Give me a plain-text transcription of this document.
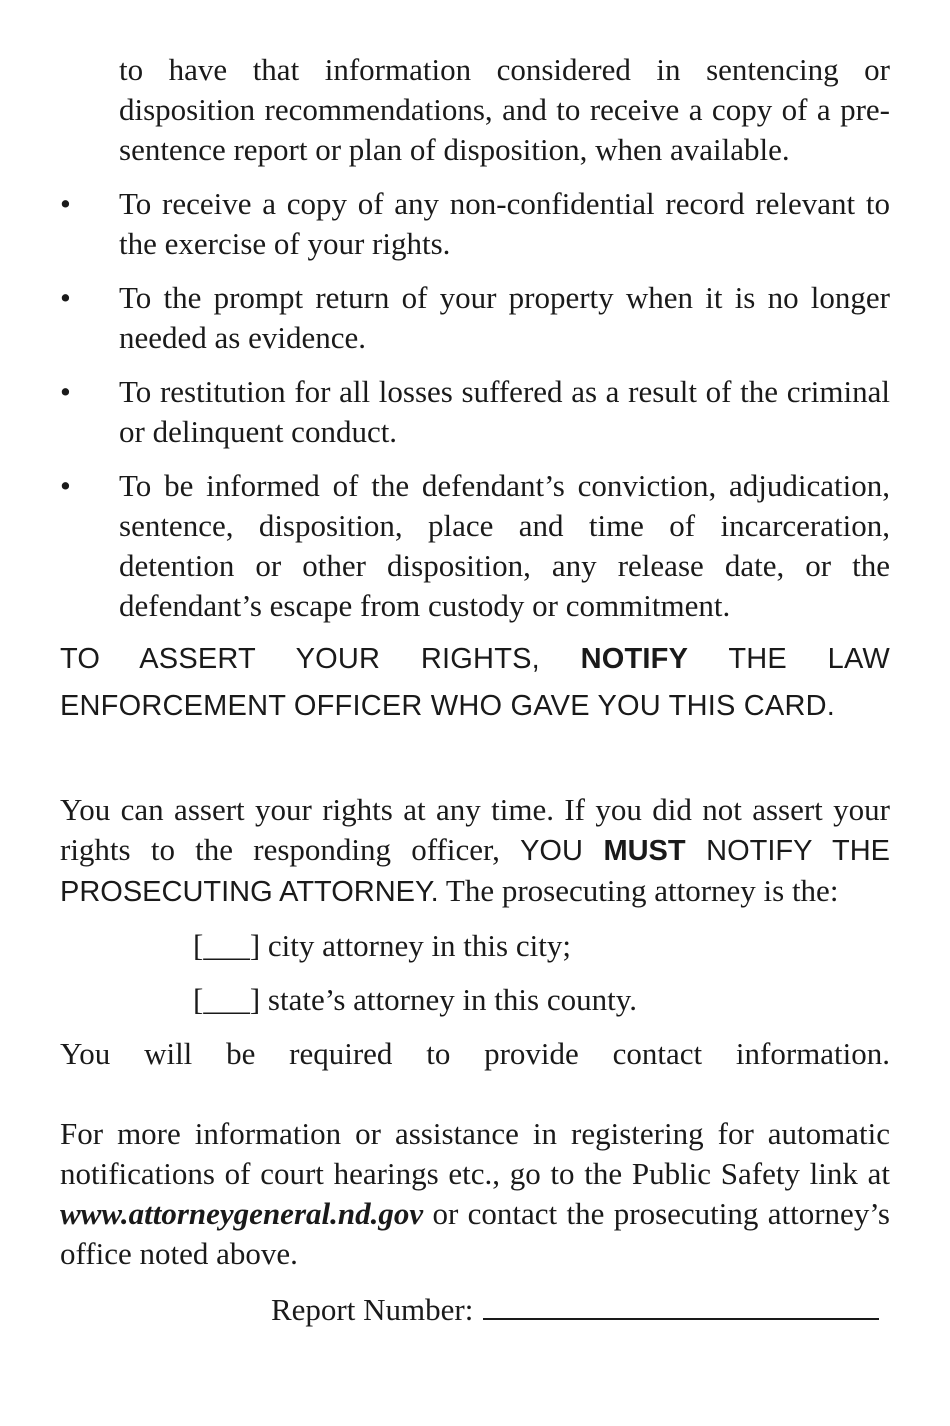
to have that information considered in sentencing or disposition recommendations, and to receive a copy of a pre-sentence report or plan of disposition, when available.
•	To receive a copy of any non-confidential record relevant to the exercise of your rights.
•	To the prompt return of your property when it is no longer needed as evidence.
•	To restitution for all losses suffered as a result of the criminal or delinquent conduct.
•	To be informed of the defendant’s conviction, adjudication, sentence, disposition, place and time of incarceration, detention or other disposition, any release date, or the defendant’s escape from custody or commitment.
TO ASSERT YOUR RIGHTS, NOTIFY THE LAW
ENFORCEMENT OFFICER WHO GAVE YOU THIS CARD.
You can assert your rights at any time. If you did not assert your rights to the responding officer, YOU MUST NOTIFY THE PROSECUTING ATTORNEY. The prosecuting attorney is the:
[___] city attorney in this city;
[___] state’s attorney in this county.
You will be required to provide contact information.
For more information or assistance in registering for automatic notifications of court hearings etc., go to the Public Safety link at www.attorneygeneral.nd.gov or contact the prosecuting attorney’s office noted above.
Report Number:
